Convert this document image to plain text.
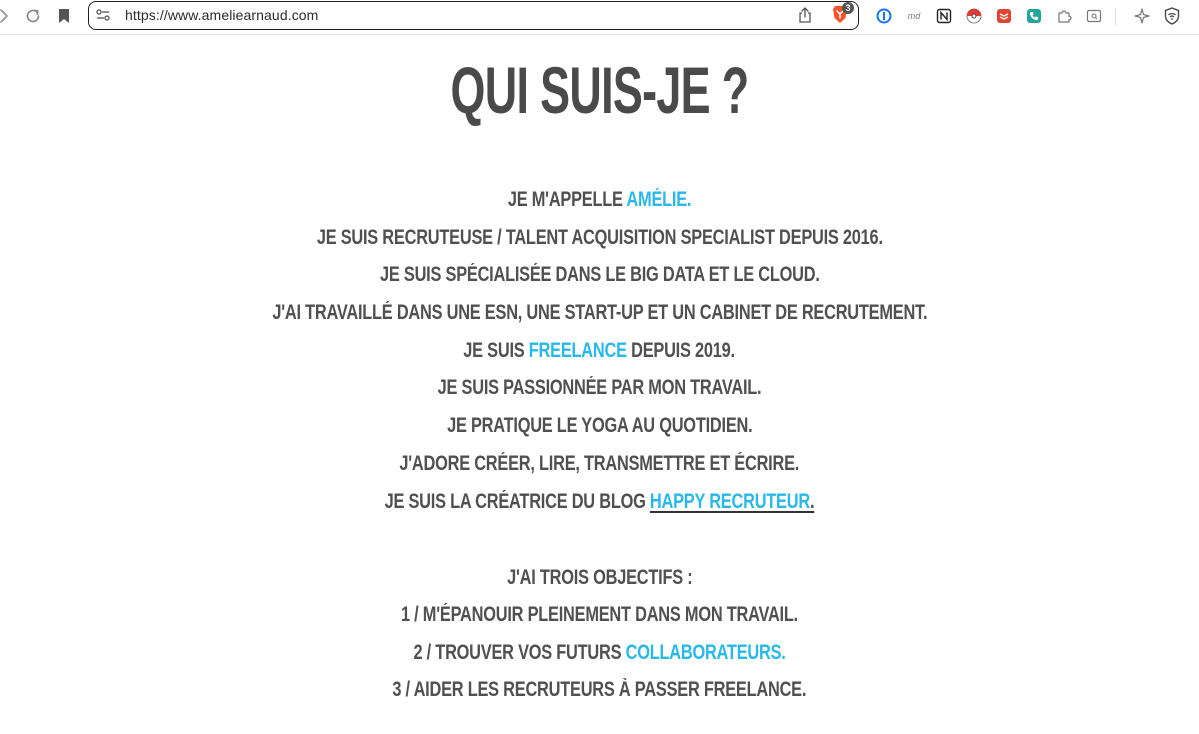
https://www.ameliearnaud.com	3
md
QUI SUIS-JE ?
JE M'APPELLE AMÉLIE.
JE SUIS RECRUTEUSE / TALENT ACQUISITION SPECIALIST DEPUIS 2016.
JE SUIS SPÉCIALISÉE DANS LE BIG DATA ET LE CLOUD.
J'AI TRAVAILLÉ DANS UNE ESN, UNE START-UP ET UN CABINET DE RECRUTEMENT.
JE SUIS FREELANCE DEPUIS 2019.
JE SUIS PASSIONNÉE PAR MON TRAVAIL.
JE PRATIQUE LE YOGA AU QUOTIDIEN.
J'ADORE CRÉER, LIRE, TRANSMETTRE ET ÉCRIRE.
JE SUIS LA CRÉATRICE DU BLOG HAPPY RECRUTEUR.
J'AI TROIS OBJECTIFS :
1 / M'ÉPANOUIR PLEINEMENT DANS MON TRAVAIL.
2 / TROUVER VOS FUTURS COLLABORATEURS.
3 / AIDER LES RECRUTEURS À PASSER FREELANCE.
